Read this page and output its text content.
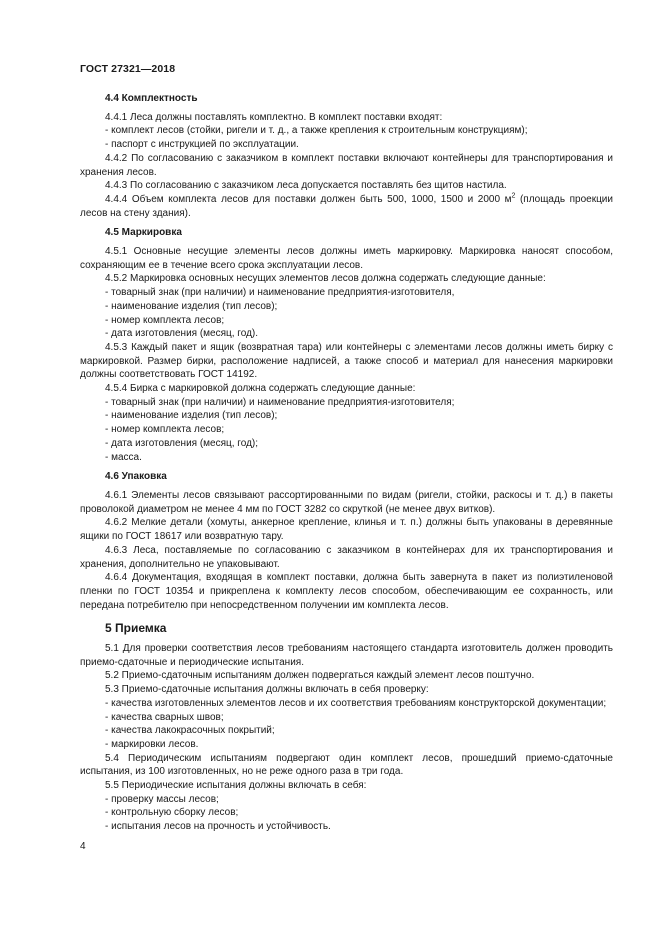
ГОСТ 27321—2018

4.4 Комплектность

4.4.1 Леса должны поставлять комплектно. В комплект поставки входят:

- комплект лесов (стойки, ригели и т. д., а также крепления к строительным конструкциям);

- паспорт с инструкцией по эксплуатации.

4.4.2 По согласованию с заказчиком в комплект поставки включают контейнеры для транспортирования и хранения лесов.

4.4.3 По согласованию с заказчиком леса допускается поставлять без щитов настила.

4.4.4 Объем комплекта лесов для поставки должен быть 500, 1000, 1500 и 2000 $м^2$ (площадь проекции лесов на стену здания).

4.5 Маркировка

4.5.1 Основные несущие элементы лесов должны иметь маркировку. Маркировка наносят способом, сохраняющим ее в течение всего срока эксплуатации лесов.

4.5.2 Маркировка основных несущих элементов лесов должна содержать следующие данные:

- товарный знак (при наличии) и наименование предприятия-изготовителя,

- наименование изделия (тип лесов);

- номер комплекта лесов;

- дата изготовления (месяц, год).

4.5.3 Каждый пакет и ящик (возвратная тара) или контейнеры с элементами лесов должны иметь бирку с маркировкой. Размер бирки, расположение надписей, а также способ и материал для нанесения маркировки должны соответствовать ГОСТ 14192.

4.5.4 Бирка с маркировкой должна содержать следующие данные:

- товарный знак (при наличии) и наименование предприятия-изготовителя;

- наименование изделия (тип лесов);

- номер комплекта лесов;

- дата изготовления (месяц, год);

- масса.

4.6 Упаковка

4.6.1 Элементы лесов связывают рассортированными по видам (ригели, стойки, раскосы и т. д.) в пакеты проволокой диаметром не менее 4 мм по ГОСТ 3282 со скруткой (не менее двух витков).

4.6.2 Мелкие детали (хомуты, анкерное крепление, клинья и т. п.) должны быть упакованы в деревянные ящики по ГОСТ 18617 или возвратную тару.

4.6.3 Леса, поставляемые по согласованию с заказчиком в контейнерах для их транспортирования и хранения, дополнительно не упаковывают.

4.6.4 Документация, входящая в комплект поставки, должна быть завернута в пакет из полиэтиленовой пленки по ГОСТ 10354 и прикреплена к комплекту лесов способом, обеспечивающим ее сохранность, или передана потребителю при непосредственном получении им комплекта лесов.

5 Приемка

5.1 Для проверки соответствия лесов требованиям настоящего стандарта изготовитель должен проводить приемо-сдаточные и периодические испытания.

5.2 Приемо-сдаточным испытаниям должен подвергаться каждый элемент лесов поштучно.

5.3 Приемо-сдаточные испытания должны включать в себя проверку:

- качества изготовленных элементов лесов и их соответствия требованиям конструкторской документации;

- качества сварных швов;

- качества лакокрасочных покрытий;

- маркировки лесов.

5.4 Периодическим испытаниям подвергают один комплект лесов, прошедший приемо-сдаточные испытания, из 100 изготовленных, но не реже одного раза в три года.

5.5 Периодические испытания должны включать в себя:

- проверку массы лесов;

- контрольную сборку лесов;

- испытания лесов на прочность и устойчивость.

4
